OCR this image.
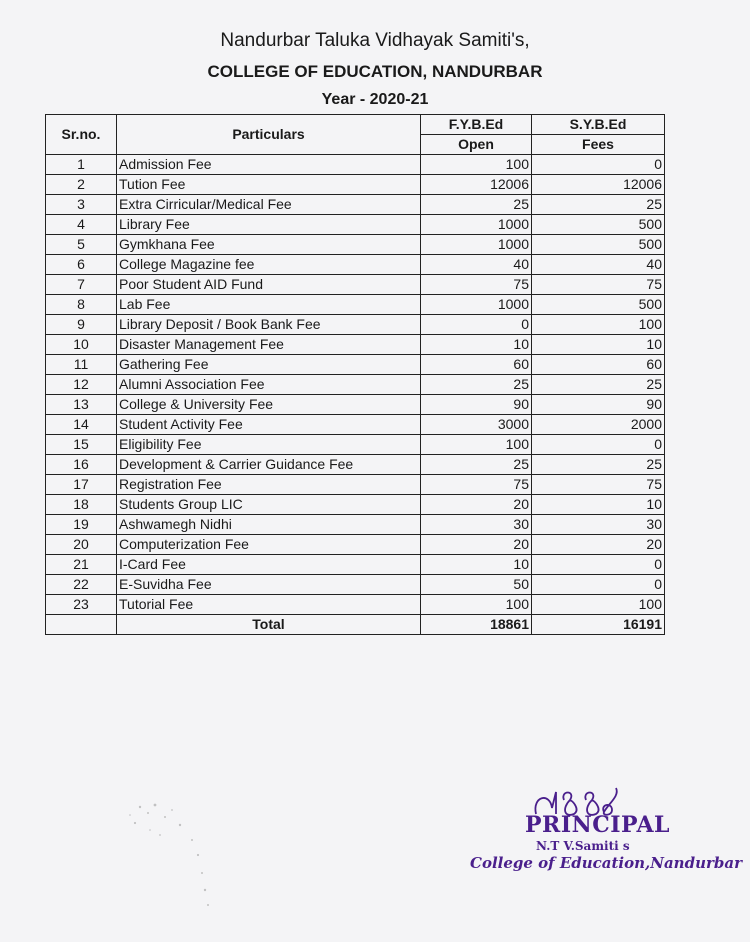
Nandurbar Taluka Vidhayak Samiti's,
COLLEGE OF EDUCATION, NANDURBAR
Year - 2020-21
Sr.no.	Particulars	F.Y.B.Ed	S.Y.B.Ed
		Open	Fees
1	Admission Fee	100	0
2	Tution Fee	12006	12006
3	Extra Cirricular/Medical Fee	25	25
4	Library Fee	1000	500
5	Gymkhana Fee	1000	500
6	College Magazine fee	40	40
7	Poor Student AID Fund	75	75
8	Lab Fee	1000	500
9	Library Deposit / Book Bank Fee	0	100
10	Disaster Management Fee	10	10
11	Gathering Fee	60	60
12	Alumni Association Fee	25	25
13	College & University Fee	90	90
14	Student Activity Fee	3000	2000
15	Eligibility Fee	100	0
16	Development & Carrier Guidance Fee	25	25
17	Registration Fee	75	75
18	Students Group LIC	20	10
19	Ashwamegh Nidhi	30	30
20	Computerization Fee	20	20
21	I-Card Fee	10	0
22	E-Suvidha Fee	50	0
23	Tutorial Fee	100	100
	Total	18861	16191
PRINCIPAL
N.T V.Samiti s
College of Education,Nandurbar
